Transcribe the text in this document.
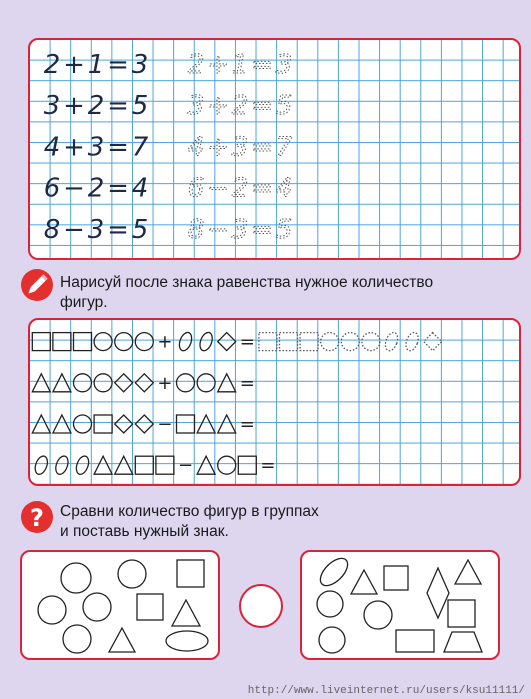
2 + 1 = 3 2 + 1 = 3
3 + 2 = 5 3 + 2 = 5
4 + 3 = 7 4 + 3 = 7
6 − 2 = 4 6 − 2 = 4
8 − 3 = 5 8 − 3 = 5
Нарисуй после знака равенства нужное количество
фигур.
+	=
+	=
−	=
−	=
? Сравни количество фигур в группах
и поставь нужный знак.
http://www.liveinternet.ru/users/ksu11111/
